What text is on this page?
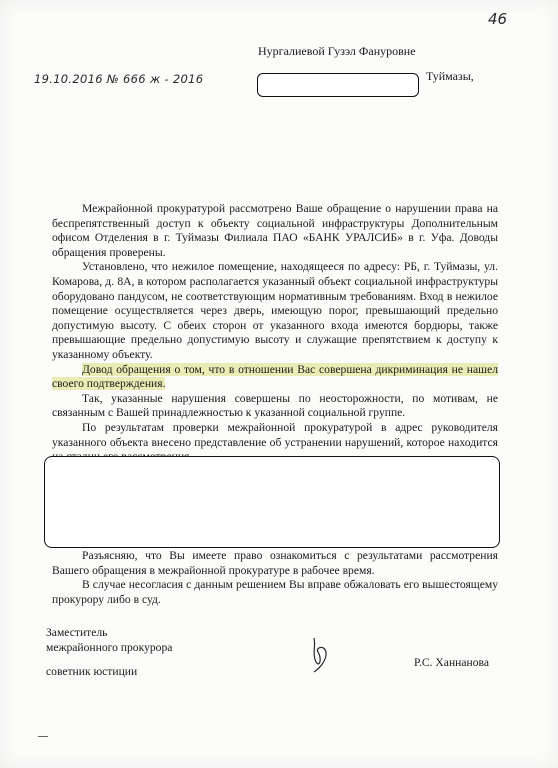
46
Нургалиевой Гузэл Фануровне
Туймазы,
19.10.2016 № 666 ж - 2016

Межрайонной прокуратурой рассмотрено Ваше обращение о нарушении права на беспрепятственный доступ к объекту социальной инфраструктуры Дополнительным офисом Отделения в г. Туймазы Филиала ПАО «БАНК УРАЛСИБ» в г. Уфа. Доводы обращения проверены.

Установлено, что нежилое помещение, находящееся по адресу: РБ, г. Туймазы, ул. Комарова, д. 8А, в котором располагается указанный объект социальной инфраструктуры оборудовано пандусом, не соответствующим нормативным требованиям. Вход в нежилое помещение осуществляется через дверь, имеющую порог, превышающий предельно допустимую высоту. С обеих сторон от указанного входа имеются бордюры, также превышающие предельно допустимую высоту и служащие препятствием к доступу к указанному объекту.

Довод обращения о том, что в отношении Вас совершена дикриминация не нашел своего подтверждения.

Так, указанные нарушения совершены по неосторожности, по мотивам, не связанным с Вашей принадлежностью к указанной социальной группе.

По результатам проверки межрайонной прокуратурой в адрес руководителя указанного объекта внесено представление об устранении нарушений, которое находится

Разъясняю, что Вы имеете право ознакомиться с результатами рассмотрения Вашего обращения в межрайонной прокуратуре в рабочее время.

В случае несогласия с данным решением Вы вправе обжаловать его вышестоящему прокурору либо в суд.

Заместитель
межрайонного прокурора
советник юстиции
Р.С. Ханнанова
